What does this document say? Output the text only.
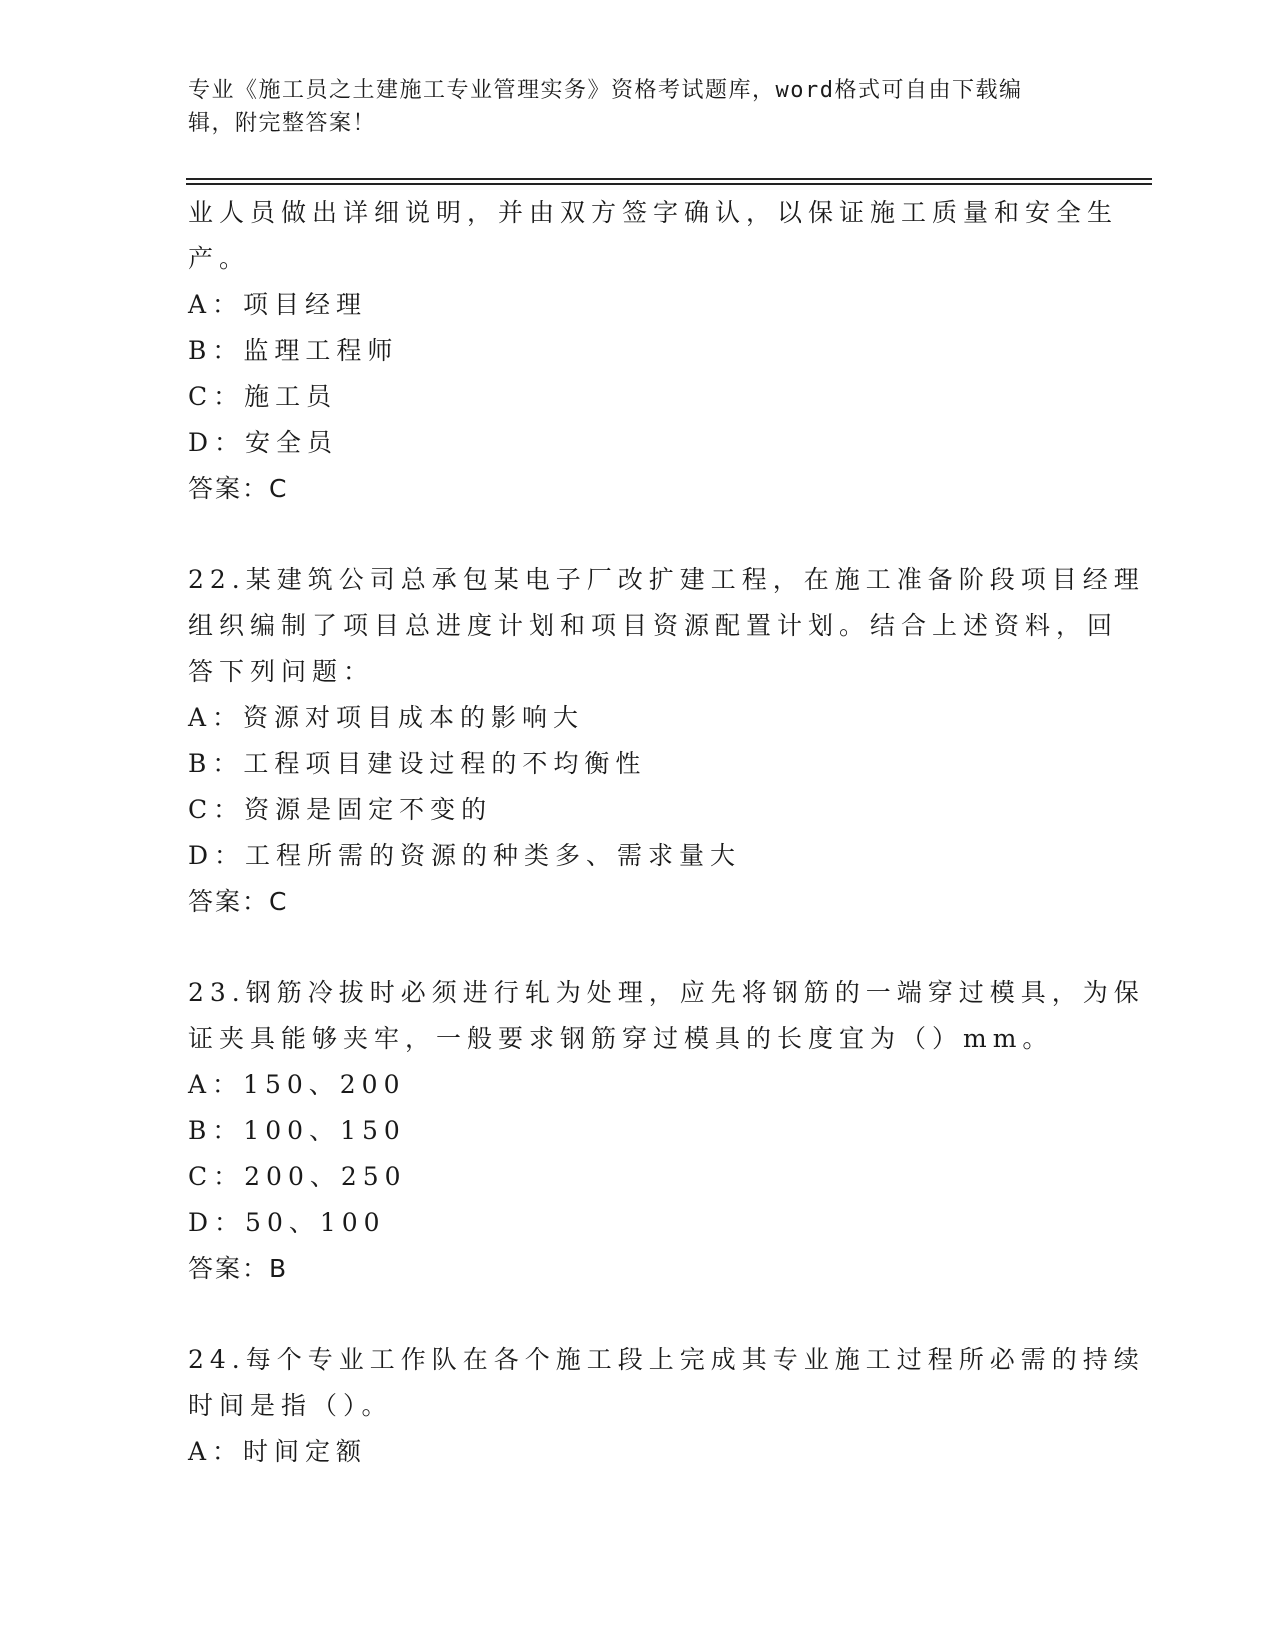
专业《施工员之土建施工专业管理实务》资格考试题库，word格式可自由下载编
辑，附完整答案！
业人员做出详细说明，并由双方签字确认，以保证施工质量和安全生
产。
A：项目经理
B：监理工程师
C：施工员
D：安全员
答案：C
22.某建筑公司总承包某电子厂改扩建工程，在施工准备阶段项目经理
组织编制了项目总进度计划和项目资源配置计划。结合上述资料，回
答下列问题：
A：资源对项目成本的影响大
B：工程项目建设过程的不均衡性
C：资源是固定不变的
D：工程所需的资源的种类多、需求量大
答案：C
23.钢筋冷拔时必须进行轧为处理，应先将钢筋的一端穿过模具，为保
证夹具能够夹牢，一般要求钢筋穿过模具的长度宜为（）mm。
A：150、200
B：100、150
C：200、250
D：50、100
答案：B
24.每个专业工作队在各个施工段上完成其专业施工过程所必需的持续
时间是指（）。
A：时间定额
